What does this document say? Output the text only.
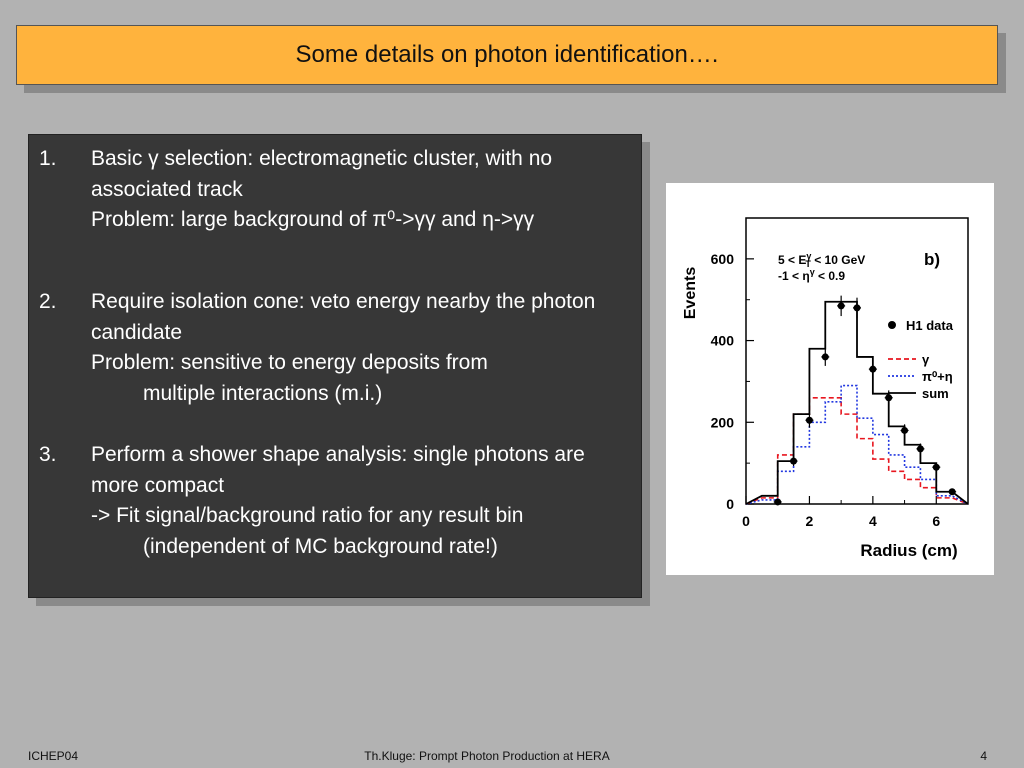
Some details on photon identification….
1. Basic γ selection: electromagnetic cluster, with no associated track
Problem: large background of π⁰->γγ and η->γγ
2. Require isolation cone: veto energy nearby the photon candidate
Problem: sensitive to energy deposits from
multiple interactions (m.i.)
3. Perform a shower shape analysis: single photons are more compact
-> Fit signal/background ratio for any result bin
(independent of MC background rate!)
Events
Radius (cm)
b)
$5 < E^\gamma$ T < 10 GeV
$-1 < \eta^\gamma < 0.9$
0	2	4	6
0
200
400
600
H1 data
γ
π⁰+η
sum
ICHEP04	Th.Kluge: Prompt Photon Production at HERA	4
